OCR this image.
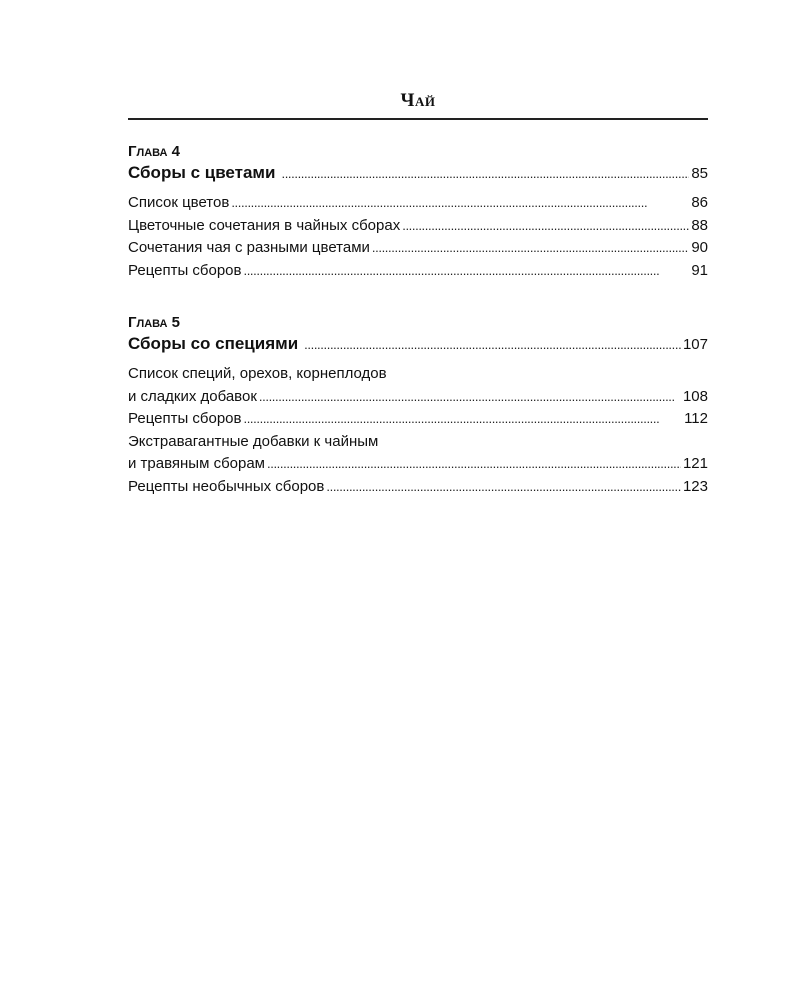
Чай
Глава 4
Сборы с цветами . . .	85
Список цветов . . .	86
Цветочные сочетания в чайных сборах . . .	88
Сочетания чая с разными цветами . . .	90
Рецепты сборов . . .	91
Глава 5
Сборы со специями . . .	107
Список специй, орехов, корнеплодов
и сладких добавок . . .	108
Рецепты сборов . . .	112
Экстравагантные добавки к чайным
и травяным сборам . . .	121
Рецепты необычных сборов . . .	123
